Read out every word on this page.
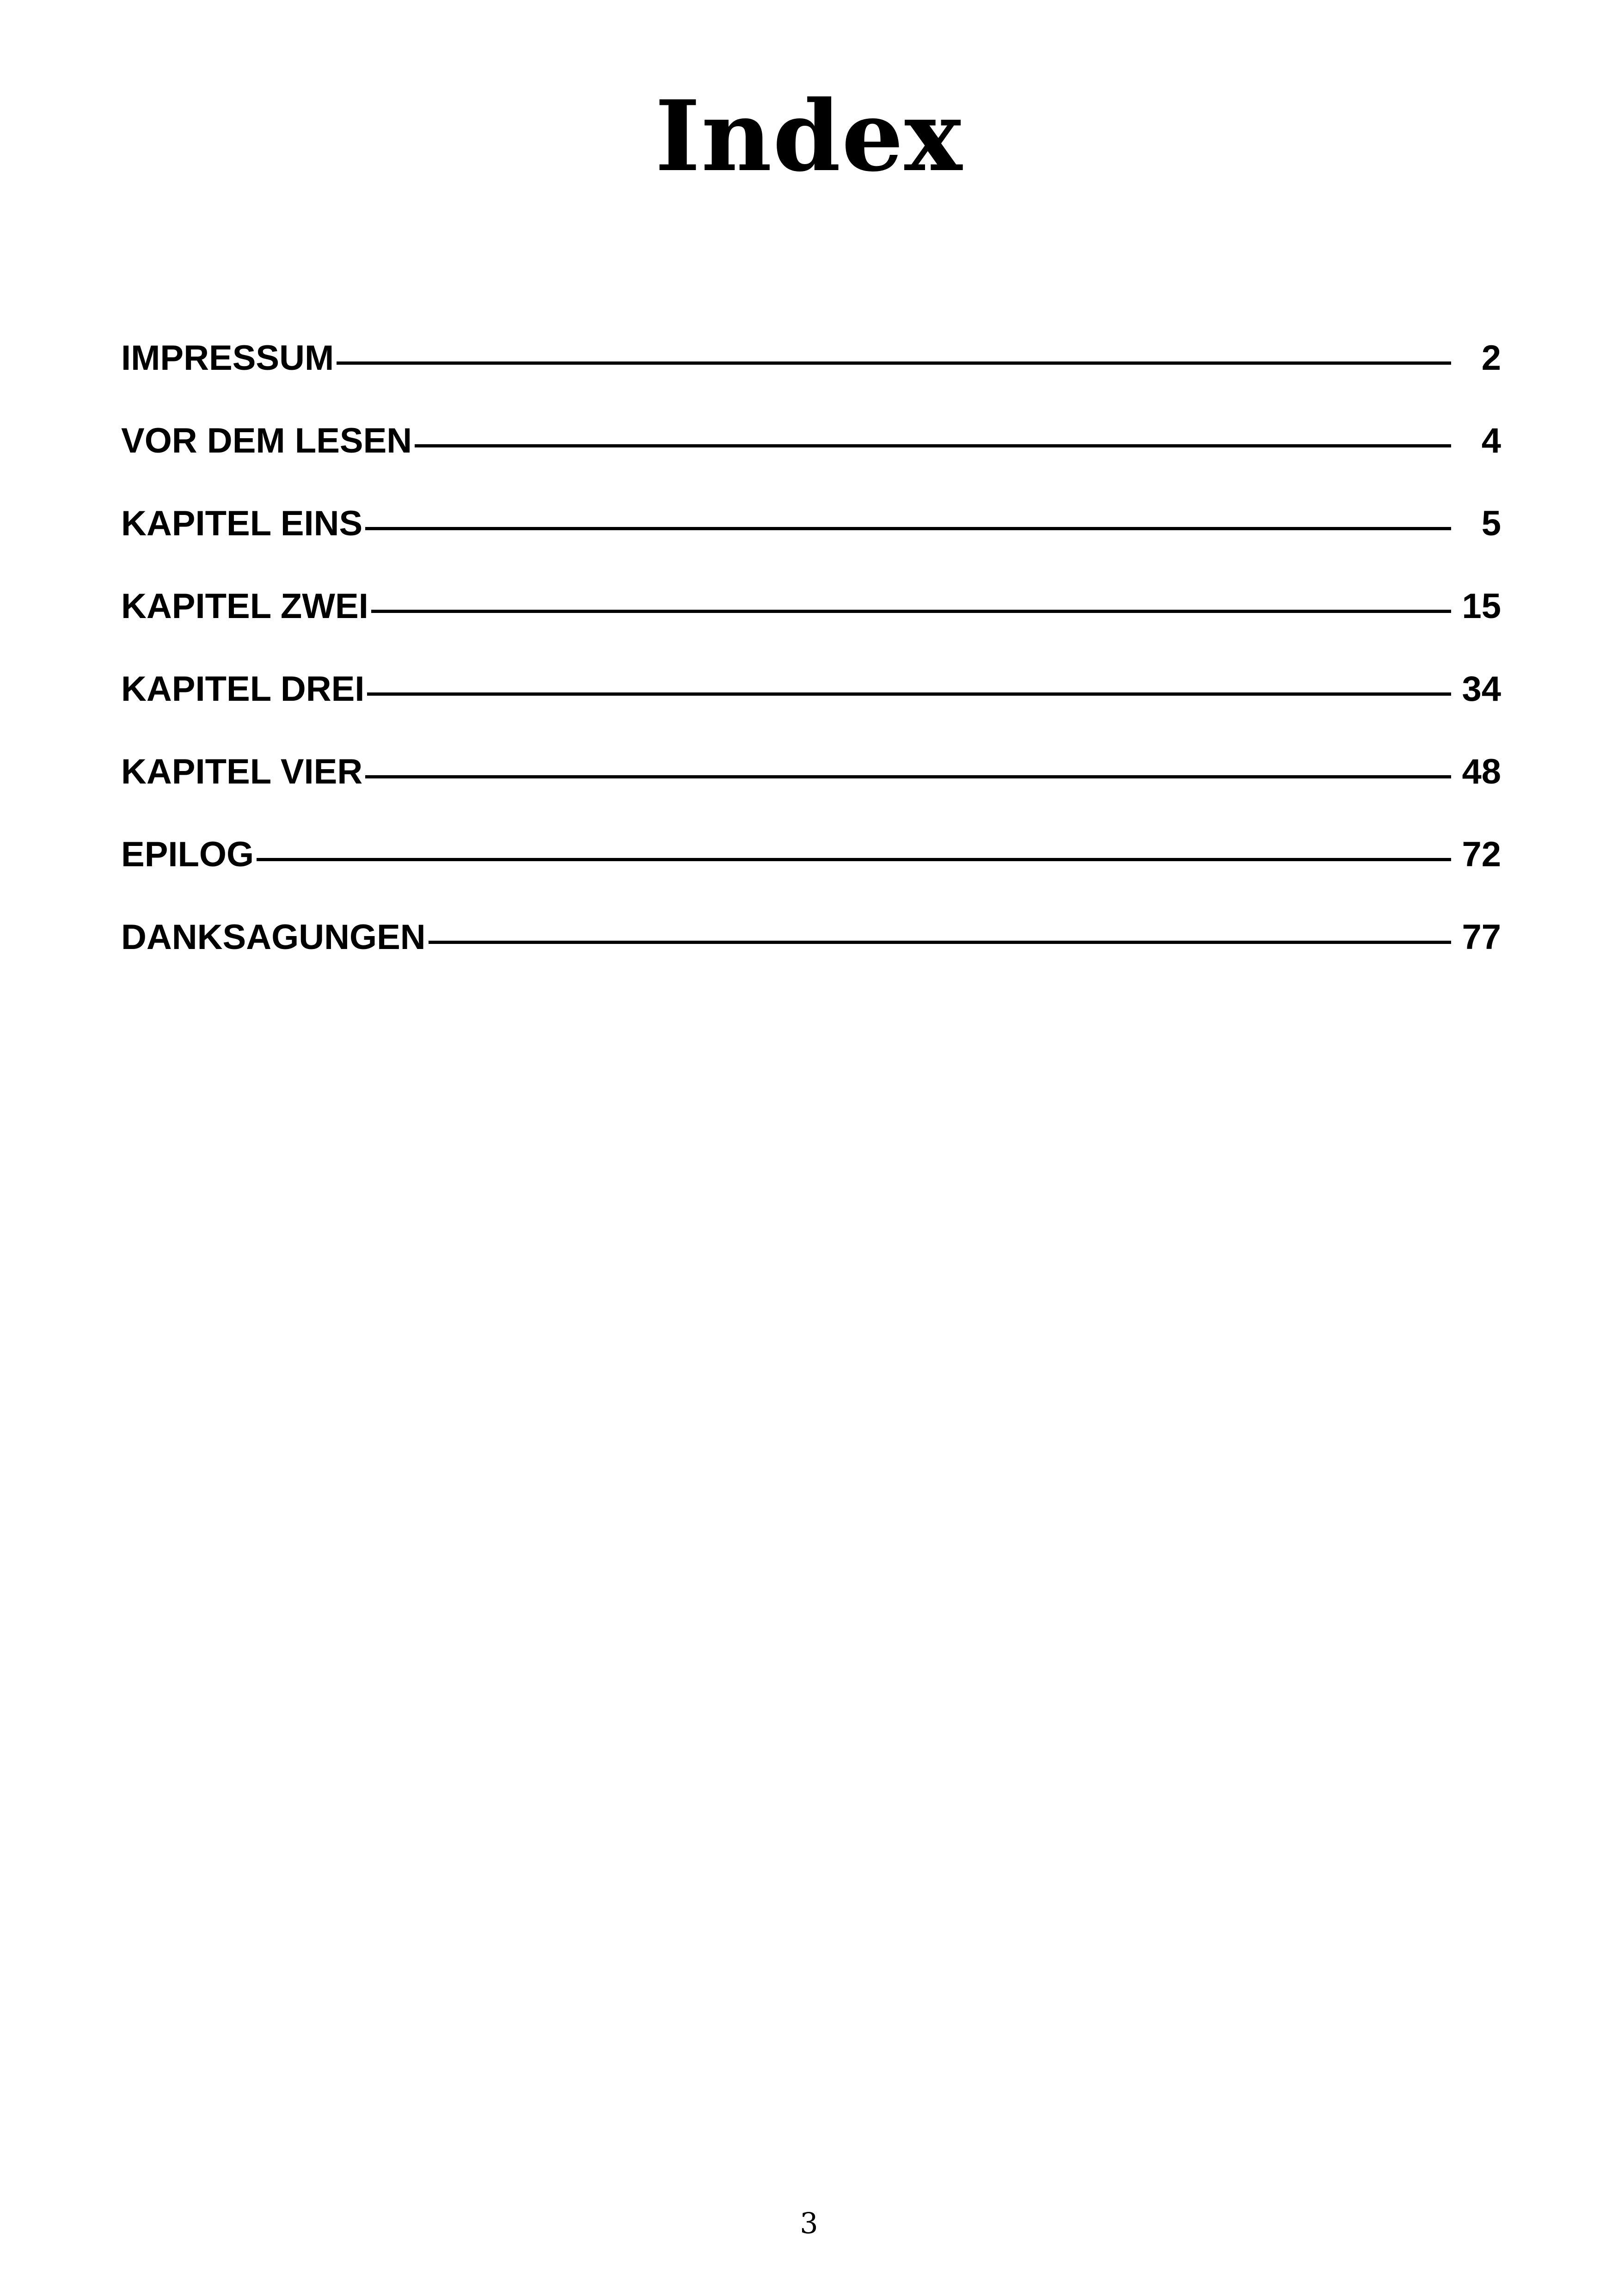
Index
IMPRESSUM	2
VOR DEM LESEN	4
KAPITEL EINS	5
KAPITEL ZWEI	15
KAPITEL DREI	34
KAPITEL VIER	48
EPILOG	72
DANKSAGUNGEN	77
3
